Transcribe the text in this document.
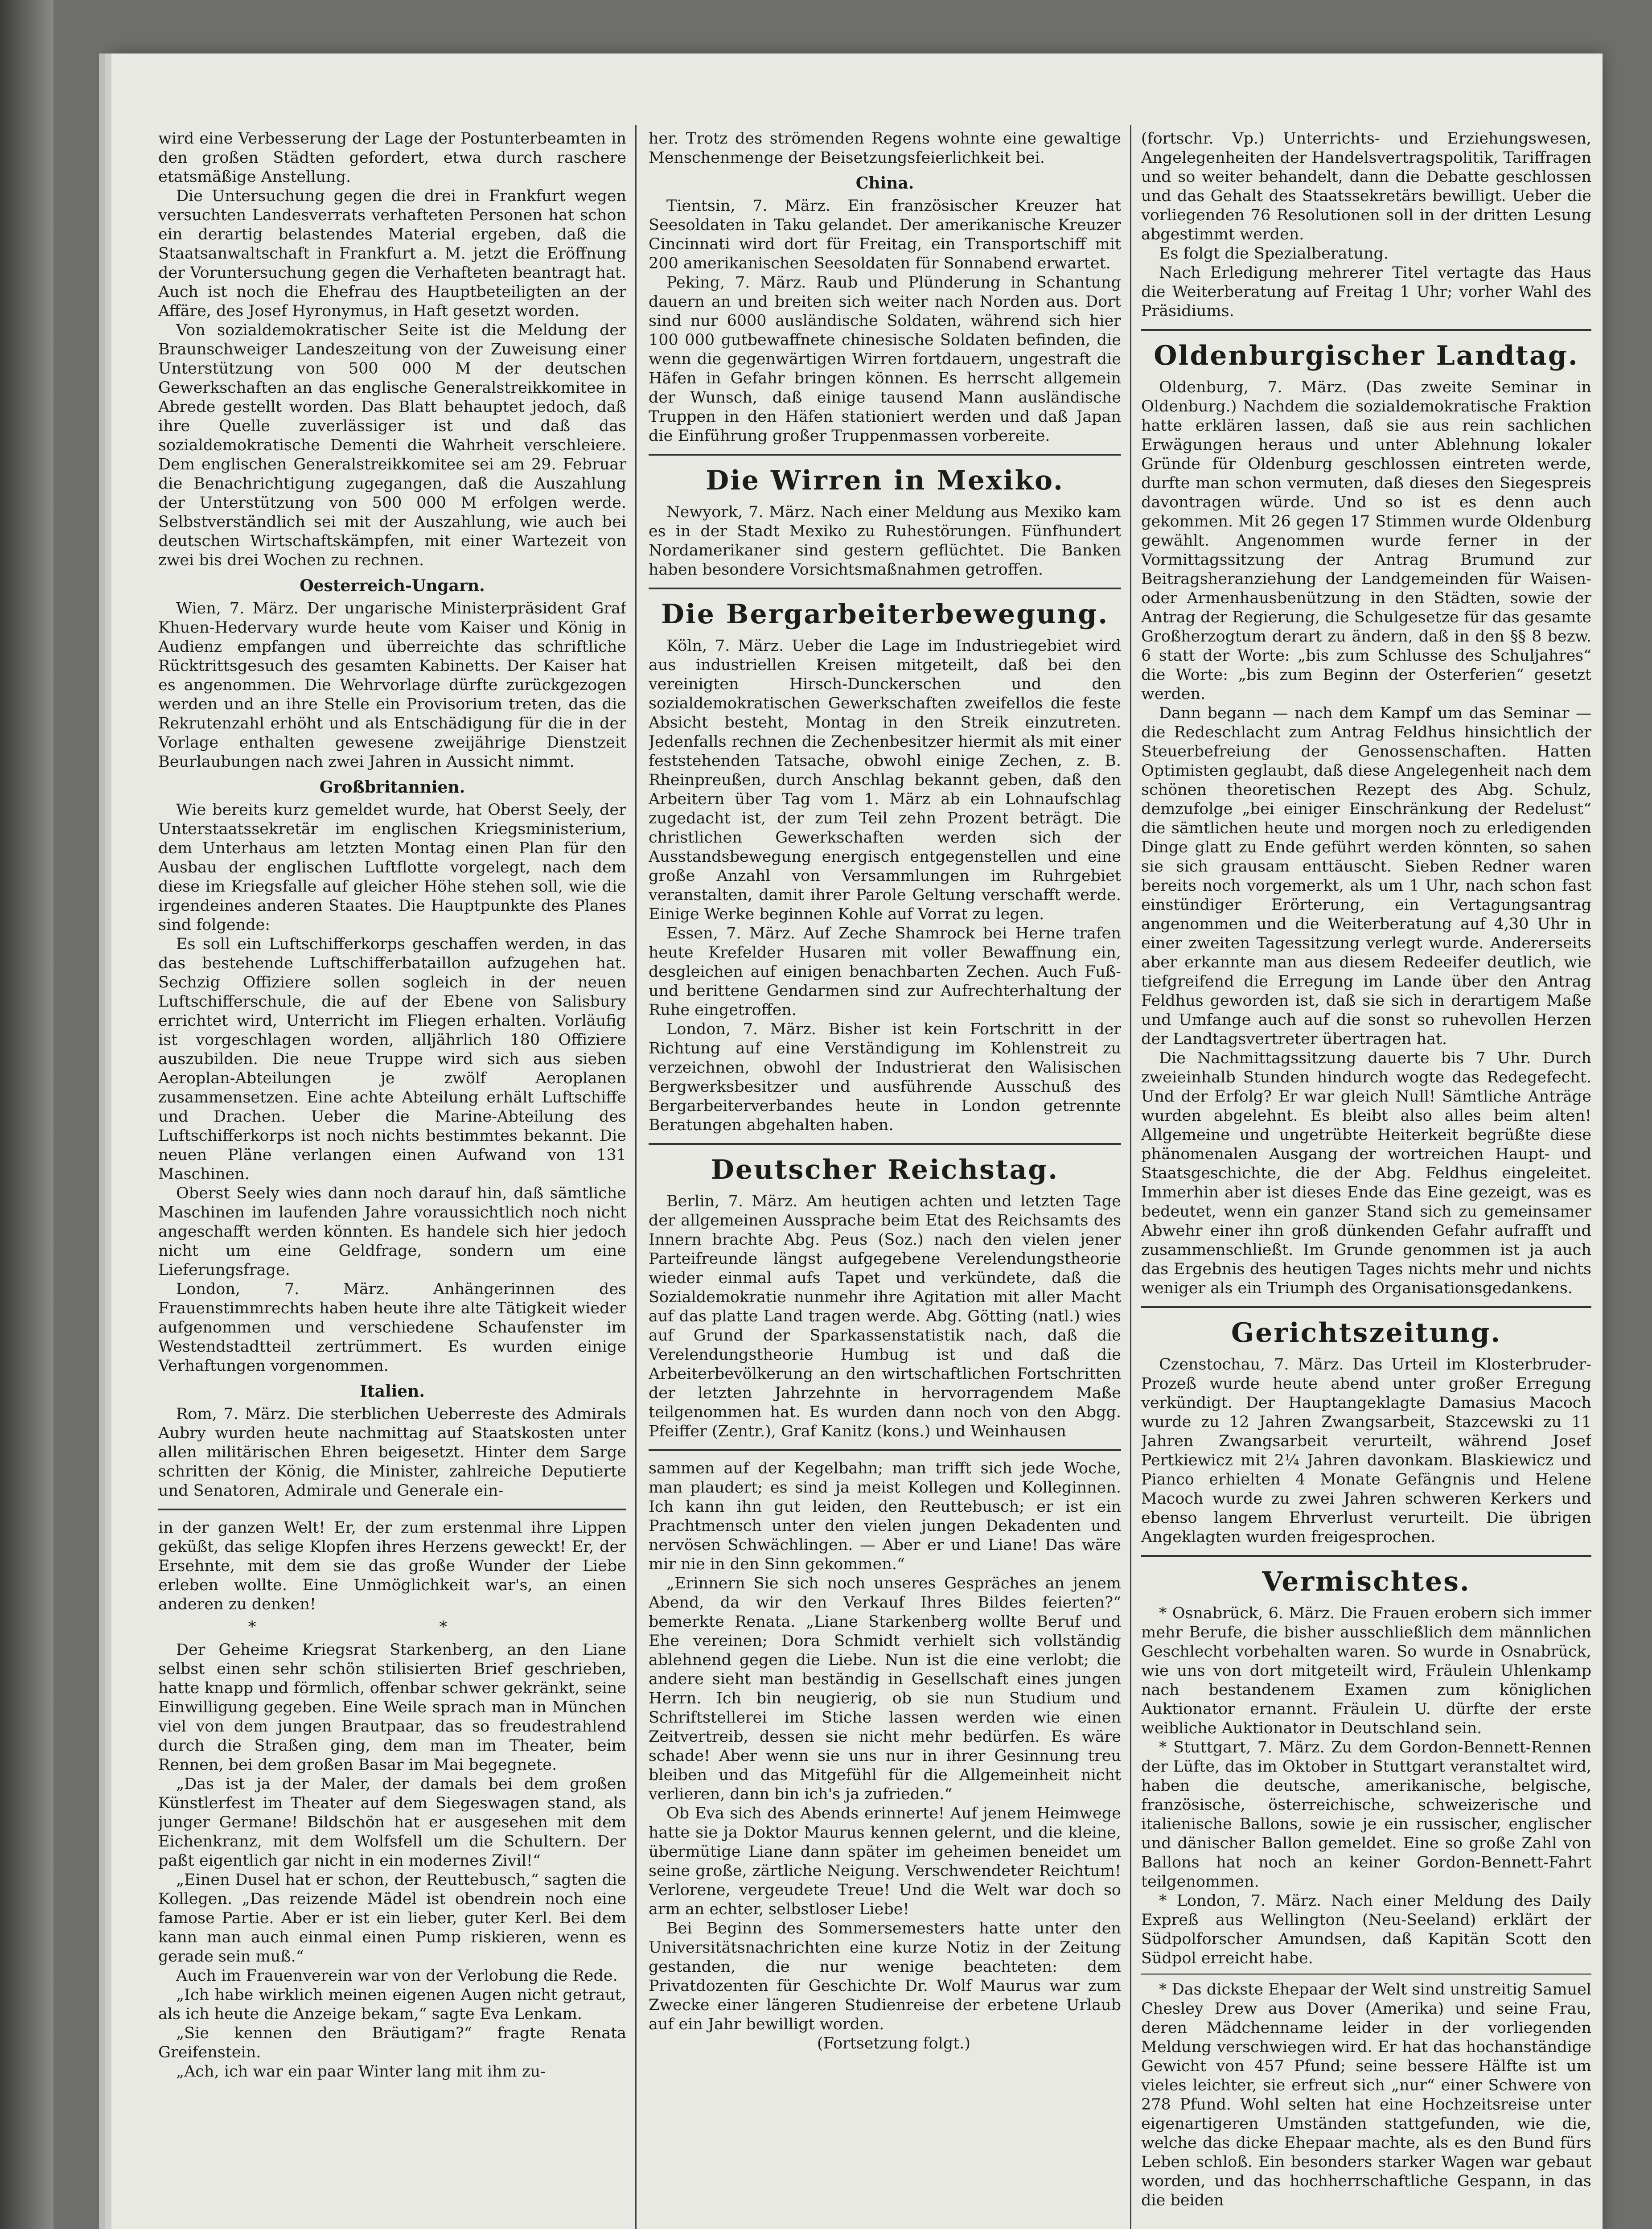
wird eine Verbesserung der Lage der Postunterbeamten in den großen Städten gefordert, etwa durch raschere etatsmäßige Anstellung.

Die Untersuchung gegen die drei in Frankfurt wegen versuchten Landesverrats verhafteten Personen hat schon ein derartig belastendes Material ergeben, daß die Staatsanwaltschaft in Frankfurt a. M. jetzt die Eröffnung der Voruntersuchung gegen die Verhafteten beantragt hat. Auch ist noch die Ehefrau des Hauptbeteiligten an der Affäre, des Josef Hyronymus, in Haft gesetzt worden.

Von sozialdemokratischer Seite ist die Meldung der Braunschweiger Landeszeitung von der Zuweisung einer Unterstützung von 500 000 M der deutschen Gewerkschaften an das englische Generalstreikkomitee in Abrede gestellt worden. Das Blatt behauptet jedoch, daß ihre Quelle zuverlässiger ist und daß das sozialdemokratische Dementi die Wahrheit verschleiere. Dem englischen Generalstreikkomitee sei am 29. Februar die Benachrichtigung zugegangen, daß die Auszahlung der Unterstützung von 500 000 M erfolgen werde. Selbstverständlich sei mit der Auszahlung, wie auch bei deutschen Wirtschaftskämpfen, mit einer Wartezeit von zwei bis drei Wochen zu rechnen.

Oesterreich-Ungarn.

Wien, 7. März. Der ungarische Ministerpräsident Graf Khuen-Hedervary wurde heute vom Kaiser und König in Audienz empfangen und überreichte das schriftliche Rücktrittsgesuch des gesamten Kabinetts. Der Kaiser hat es angenommen. Die Wehrvorlage dürfte zurückgezogen werden und an ihre Stelle ein Provisorium treten, das die Rekrutenzahl erhöht und als Entschädigung für die in der Vorlage enthalten gewesene zweijährige Dienstzeit Beurlaubungen nach zwei Jahren in Aussicht nimmt.

Großbritannien.

Wie bereits kurz gemeldet wurde, hat Oberst Seely, der Unterstaatssekretär im englischen Kriegsministerium, dem Unterhaus am letzten Montag einen Plan für den Ausbau der englischen Luftflotte vorgelegt, nach dem diese im Kriegsfalle auf gleicher Höhe stehen soll, wie die irgendeines anderen Staates. Die Hauptpunkte des Planes sind folgende:

Es soll ein Luftschifferkorps geschaffen werden, in das das bestehende Luftschifferbataillon aufzugehen hat. Sechzig Offiziere sollen sogleich in der neuen Luftschifferschule, die auf der Ebene von Salisbury errichtet wird, Unterricht im Fliegen erhalten. Vorläufig ist vorgeschlagen worden, alljährlich 180 Offiziere auszubilden. Die neue Truppe wird sich aus sieben Aeroplan-Abteilungen je zwölf Aeroplanen zusammensetzen. Eine achte Abteilung erhält Luftschiffe und Drachen. Ueber die Marine-Abteilung des Luftschifferkorps ist noch nichts bestimmtes bekannt. Die neuen Pläne verlangen einen Aufwand von 131 Maschinen.

Oberst Seely wies dann noch darauf hin, daß sämtliche Maschinen im laufenden Jahre voraussichtlich noch nicht angeschafft werden könnten. Es handele sich hier jedoch nicht um eine Geldfrage, sondern um eine Lieferungsfrage.

London, 7. März. Anhängerinnen des Frauenstimmrechts haben heute ihre alte Tätigkeit wieder aufgenommen und verschiedene Schaufenster im Westendstadtteil zertrümmert. Es wurden einige Verhaftungen vorgenommen.

Italien.

Rom, 7. März. Die sterblichen Ueberreste des Admirals Aubry wurden heute nachmittag auf Staatskosten unter allen militärischen Ehren beigesetzt. Hinter dem Sarge schritten der König, die Minister, zahlreiche Deputierte und Senatoren, Admirale und Generale ein-

in der ganzen Welt! Er, der zum erstenmal ihre Lippen geküßt, das selige Klopfen ihres Herzens geweckt! Er, der Ersehnte, mit dem sie das große Wunder der Liebe erleben wollte. Eine Unmöglichkeit war's, an einen anderen zu denken!

* *

Der Geheime Kriegsrat Starkenberg, an den Liane selbst einen sehr schön stilisierten Brief geschrieben, hatte knapp und förmlich, offenbar schwer gekränkt, seine Einwilligung gegeben. Eine Weile sprach man in München viel von dem jungen Brautpaar, das so freudestrahlend durch die Straßen ging, dem man im Theater, beim Rennen, bei dem großen Basar im Mai begegnete.

„Das ist ja der Maler, der damals bei dem großen Künstlerfest im Theater auf dem Siegeswagen stand, als junger Germane! Bildschön hat er ausgesehen mit dem Eichenkranz, mit dem Wolfsfell um die Schultern. Der paßt eigentlich gar nicht in ein modernes Zivil!“

„Einen Dusel hat er schon, der Reuttebusch,“ sagten die Kollegen. „Das reizende Mädel ist obendrein noch eine famose Partie. Aber er ist ein lieber, guter Kerl. Bei dem kann man auch einmal einen Pump riskieren, wenn es gerade sein muß.“

Auch im Frauenverein war von der Verlobung die Rede.

„Ich habe wirklich meinen eigenen Augen nicht getraut, als ich heute die Anzeige bekam,“ sagte Eva Lenkam.

„Sie kennen den Bräutigam?“ fragte Renata Greifenstein.

„Ach, ich war ein paar Winter lang mit ihm zu-

her. Trotz des strömenden Regens wohnte eine gewaltige Menschenmenge der Beisetzungsfeierlichkeit bei.

China.

Tientsin, 7. März. Ein französischer Kreuzer hat Seesoldaten in Taku gelandet. Der amerikanische Kreuzer Cincinnati wird dort für Freitag, ein Transportschiff mit 200 amerikanischen Seesoldaten für Sonnabend erwartet.

Peking, 7. März. Raub und Plünderung in Schantung dauern an und breiten sich weiter nach Norden aus. Dort sind nur 6000 ausländische Soldaten, während sich hier 100 000 gutbewaffnete chinesische Soldaten befinden, die wenn die gegenwärtigen Wirren fortdauern, ungestraft die Häfen in Gefahr bringen können. Es herrscht allgemein der Wunsch, daß einige tausend Mann ausländische Truppen in den Häfen stationiert werden und daß Japan die Einführung großer Truppenmassen vorbereite.

Die Wirren in Mexiko.

Newyork, 7. März. Nach einer Meldung aus Mexiko kam es in der Stadt Mexiko zu Ruhestörungen. Fünfhundert Nordamerikaner sind gestern geflüchtet. Die Banken haben besondere Vorsichtsmaßnahmen getroffen.

Die Bergarbeiterbewegung.

Köln, 7. März. Ueber die Lage im Industriegebiet wird aus industriellen Kreisen mitgeteilt, daß bei den vereinigten Hirsch-Dunckerschen und den sozialdemokratischen Gewerkschaften zweifellos die feste Absicht besteht, Montag in den Streik einzutreten. Jedenfalls rechnen die Zechenbesitzer hiermit als mit einer feststehenden Tatsache, obwohl einige Zechen, z. B. Rheinpreußen, durch Anschlag bekannt geben, daß den Arbeitern über Tag vom 1. März ab ein Lohnaufschlag zugedacht ist, der zum Teil zehn Prozent beträgt. Die christlichen Gewerkschaften werden sich der Ausstandsbewegung energisch entgegenstellen und eine große Anzahl von Versammlungen im Ruhrgebiet veranstalten, damit ihrer Parole Geltung verschafft werde. Einige Werke beginnen Kohle auf Vorrat zu legen.

Essen, 7. März. Auf Zeche Shamrock bei Herne trafen heute Krefelder Husaren mit voller Bewaffnung ein, desgleichen auf einigen benachbarten Zechen. Auch Fuß- und berittene Gendarmen sind zur Aufrechterhaltung der Ruhe eingetroffen.

London, 7. März. Bisher ist kein Fortschritt in der Richtung auf eine Verständigung im Kohlenstreit zu verzeichnen, obwohl der Industrierat den Walisischen Bergwerksbesitzer und ausführende Ausschuß des Bergarbeiterverbandes heute in London getrennte Beratungen abgehalten haben.

Deutscher Reichstag.

Berlin, 7. März. Am heutigen achten und letzten Tage der allgemeinen Aussprache beim Etat des Reichsamts des Innern brachte Abg. Peus (Soz.) nach den vielen jener Parteifreunde längst aufgegebene Verelendungstheorie wieder einmal aufs Tapet und verkündete, daß die Sozialdemokratie nunmehr ihre Agitation mit aller Macht auf das platte Land tragen werde. Abg. Götting (natl.) wies auf Grund der Sparkassenstatistik nach, daß die Verelendungstheorie Humbug ist und daß die Arbeiterbevölkerung an den wirtschaftlichen Fortschritten der letzten Jahrzehnte in hervorragendem Maße teilgenommen hat. Es wurden dann noch von den Abgg. Pfeiffer (Zentr.), Graf Kanitz (kons.) und Weinhausen

sammen auf der Kegelbahn; man trifft sich jede Woche, man plaudert; es sind ja meist Kollegen und Kolleginnen. Ich kann ihn gut leiden, den Reuttebusch; er ist ein Prachtmensch unter den vielen jungen Dekadenten und nervösen Schwächlingen. — Aber er und Liane! Das wäre mir nie in den Sinn gekommen.“

„Erinnern Sie sich noch unseres Gespräches an jenem Abend, da wir den Verkauf Ihres Bildes feierten?“ bemerkte Renata. „Liane Starkenberg wollte Beruf und Ehe vereinen; Dora Schmidt verhielt sich vollständig ablehnend gegen die Liebe. Nun ist die eine verlobt; die andere sieht man beständig in Gesellschaft eines jungen Herrn. Ich bin neugierig, ob sie nun Studium und Schriftstellerei im Stiche lassen werden wie einen Zeitvertreib, dessen sie nicht mehr bedürfen. Es wäre schade! Aber wenn sie uns nur in ihrer Gesinnung treu bleiben und das Mitgefühl für die Allgemeinheit nicht verlieren, dann bin ich's ja zufrieden.“

Ob Eva sich des Abends erinnerte! Auf jenem Heimwege hatte sie ja Doktor Maurus kennen gelernt, und die kleine, übermütige Liane dann später im geheimen beneidet um seine große, zärtliche Neigung. Verschwendeter Reichtum! Verlorene, vergeudete Treue! Und die Welt war doch so arm an echter, selbstloser Liebe!

Bei Beginn des Sommersemesters hatte unter den Universitätsnachrichten eine kurze Notiz in der Zeitung gestanden, die nur wenige beachteten: dem Privatdozenten für Geschichte Dr. Wolf Maurus war zum Zwecke einer längeren Studienreise der erbetene Urlaub auf ein Jahr bewilligt worden.

(Fortsetzung folgt.)

(fortschr. Vp.) Unterrichts- und Erziehungswesen, Angelegenheiten der Handelsvertragspolitik, Tariffragen und so weiter behandelt, dann die Debatte geschlossen und das Gehalt des Staatssekretärs bewilligt. Ueber die vorliegenden 76 Resolutionen soll in der dritten Lesung abgestimmt werden.

Es folgt die Spezialberatung.

Nach Erledigung mehrerer Titel vertagte das Haus die Weiterberatung auf Freitag 1 Uhr; vorher Wahl des Präsidiums.

Oldenburgischer Landtag.

Oldenburg, 7. März. (Das zweite Seminar in Oldenburg.) Nachdem die sozialdemokratische Fraktion hatte erklären lassen, daß sie aus rein sachlichen Erwägungen heraus und unter Ablehnung lokaler Gründe für Oldenburg geschlossen eintreten werde, durfte man schon vermuten, daß dieses den Siegespreis davontragen würde. Und so ist es denn auch gekommen. Mit 26 gegen 17 Stimmen wurde Oldenburg gewählt. Angenommen wurde ferner in der Vormittagssitzung der Antrag Brumund zur Beitragsheranziehung der Landgemeinden für Waisen- oder Armenhausbenützung in den Städten, sowie der Antrag der Regierung, die Schulgesetze für das gesamte Großherzogtum derart zu ändern, daß in den §§ 8 bezw. 6 statt der Worte: „bis zum Schlusse des Schuljahres“ die Worte: „bis zum Beginn der Osterferien“ gesetzt werden.

Dann begann — nach dem Kampf um das Seminar — die Redeschlacht zum Antrag Feldhus hinsichtlich der Steuerbefreiung der Genossenschaften. Hatten Optimisten geglaubt, daß diese Angelegenheit nach dem schönen theoretischen Rezept des Abg. Schulz, demzufolge „bei einiger Einschränkung der Redelust“ die sämtlichen heute und morgen noch zu erledigenden Dinge glatt zu Ende geführt werden könnten, so sahen sie sich grausam enttäuscht. Sieben Redner waren bereits noch vorgemerkt, als um 1 Uhr, nach schon fast einstündiger Erörterung, ein Vertagungsantrag angenommen und die Weiterberatung auf 4,30 Uhr in einer zweiten Tagessitzung verlegt wurde. Andererseits aber erkannte man aus diesem Redeeifer deutlich, wie tiefgreifend die Erregung im Lande über den Antrag Feldhus geworden ist, daß sie sich in derartigem Maße und Umfange auch auf die sonst so ruhevollen Herzen der Landtagsvertreter übertragen hat.

Die Nachmittagssitzung dauerte bis 7 Uhr. Durch zweieinhalb Stunden hindurch wogte das Redegefecht. Und der Erfolg? Er war gleich Null! Sämtliche Anträge wurden abgelehnt. Es bleibt also alles beim alten! Allgemeine und ungetrübte Heiterkeit begrüßte diese phänomenalen Ausgang der wortreichen Haupt- und Staatsgeschichte, die der Abg. Feldhus eingeleitet. Immerhin aber ist dieses Ende das Eine gezeigt, was es bedeutet, wenn ein ganzer Stand sich zu gemeinsamer Abwehr einer ihn groß dünkenden Gefahr aufrafft und zusammenschließt. Im Grunde genommen ist ja auch das Ergebnis des heutigen Tages nichts mehr und nichts weniger als ein Triumph des Organisationsgedankens.

Gerichtszeitung.

Czenstochau, 7. März. Das Urteil im Klosterbruder-Prozeß wurde heute abend unter großer Erregung verkündigt. Der Hauptangeklagte Damasius Macoch wurde zu 12 Jahren Zwangsarbeit, Stazcewski zu 11 Jahren Zwangsarbeit verurteilt, während Josef Pertkiewicz mit 2¼ Jahren davonkam. Blaskiewicz und Pianco erhielten 4 Monate Gefängnis und Helene Macoch wurde zu zwei Jahren schweren Kerkers und ebenso langem Ehrverlust verurteilt. Die übrigen Angeklagten wurden freigesprochen.

Vermischtes.

* Osnabrück, 6. März. Die Frauen erobern sich immer mehr Berufe, die bisher ausschließlich dem männlichen Geschlecht vorbehalten waren. So wurde in Osnabrück, wie uns von dort mitgeteilt wird, Fräulein Uhlenkamp nach bestandenem Examen zum königlichen Auktionator ernannt. Fräulein U. dürfte der erste weibliche Auktionator in Deutschland sein.

* Stuttgart, 7. März. Zu dem Gordon-Bennett-Rennen der Lüfte, das im Oktober in Stuttgart veranstaltet wird, haben die deutsche, amerikanische, belgische, französische, österreichische, schweizerische und italienische Ballons, sowie je ein russischer, englischer und dänischer Ballon gemeldet. Eine so große Zahl von Ballons hat noch an keiner Gordon-Bennett-Fahrt teilgenommen.

* London, 7. März. Nach einer Meldung des Daily Expreß aus Wellington (Neu-Seeland) erklärt der Südpolforscher Amundsen, daß Kapitän Scott den Südpol erreicht habe.

* Das dickste Ehepaar der Welt sind unstreitig Samuel Chesley Drew aus Dover (Amerika) und seine Frau, deren Mädchenname leider in der vorliegenden Meldung verschwiegen wird. Er hat das hochanständige Gewicht von 457 Pfund; seine bessere Hälfte ist um vieles leichter, sie erfreut sich „nur“ einer Schwere von 278 Pfund. Wohl selten hat eine Hochzeitsreise unter eigenartigeren Umständen stattgefunden, wie die, welche das dicke Ehepaar machte, als es den Bund fürs Leben schloß. Ein besonders starker Wagen war gebaut worden, und das hochherrschaftliche Gespann, in das die beiden
